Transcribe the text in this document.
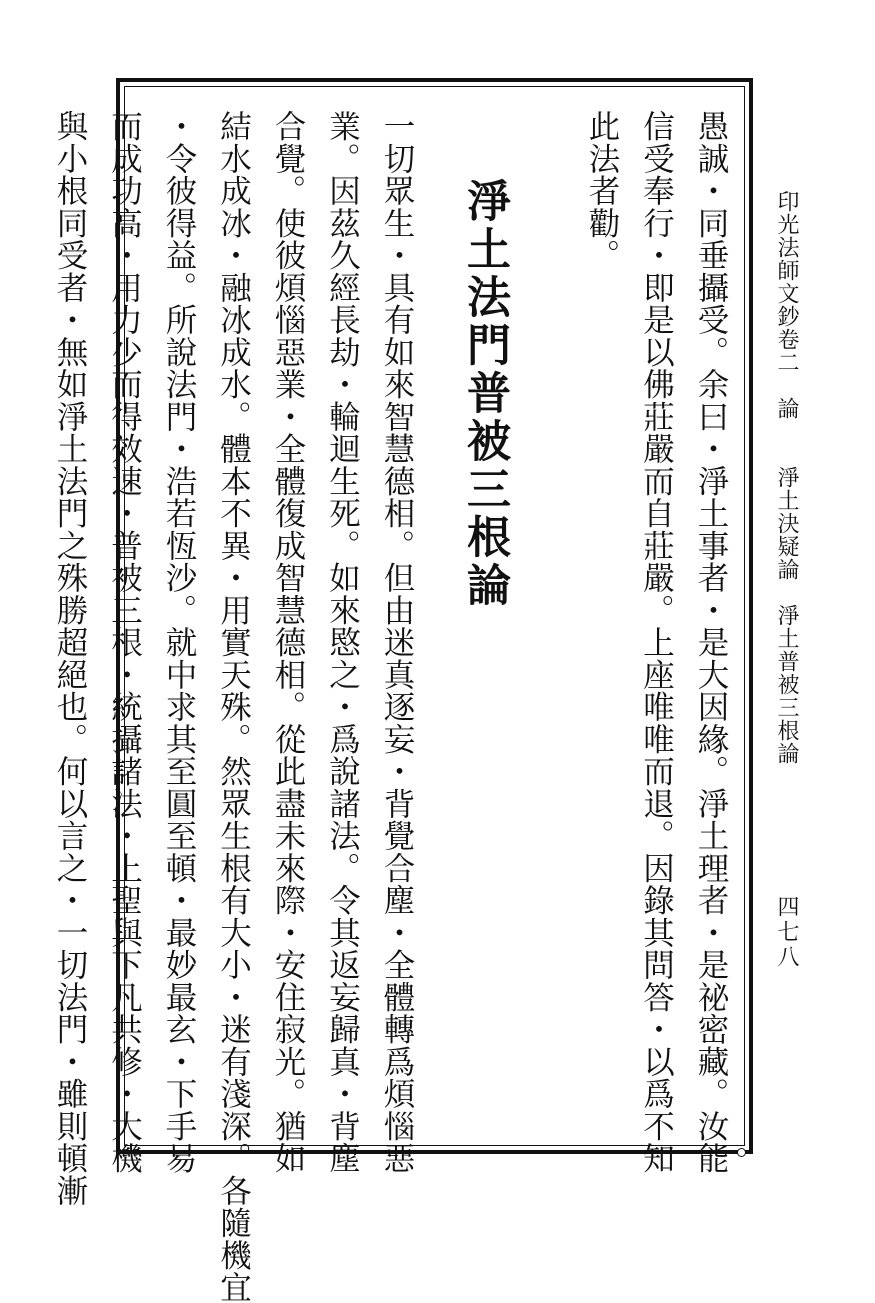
愚誠・同垂攝受。余曰・淨土事者・是大因緣。淨土理者・是祕密藏。汝能

信受奉行・即是以佛莊嚴而自莊嚴。上座唯唯而退。因錄其問答・以爲不知

此法者勸。

淨土法門普被三根論

一切眾生・具有如來智慧德相。但由迷真逐妄・背覺合塵・全體轉爲煩惱惡

業。因茲久經長劫・輪迴生死。如來愍之・爲說諸法。令其返妄歸真・背塵

合覺。使彼煩惱惡業・全體復成智慧德相。從此盡未來際・安住寂光。猶如

結水成冰・融冰成水。體本不異・用實天殊。然眾生根有大小・迷有淺深。各隨機宜

・令彼得益。所說法門・浩若恆沙。就中求其至圓至頓・最妙最玄・下手易

而成功高・用力少而得效速・普被三根・統攝諸法・上聖與下凡共修・大機

與小根同受者・無如淨土法門之殊勝超絕也。何以言之・一切法門・雖則頓漸	印光法師文鈔卷二　論　　淨土決疑論　淨土普被三根論
四七八
